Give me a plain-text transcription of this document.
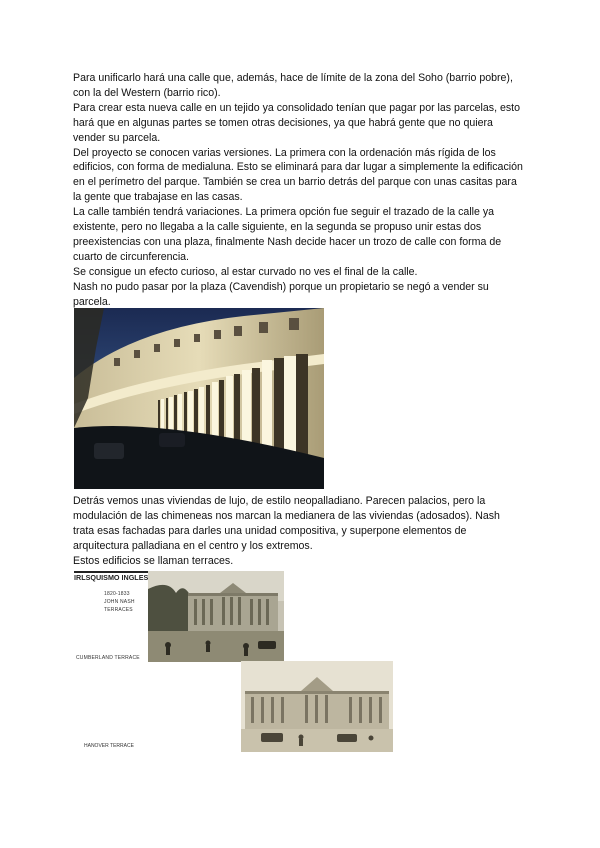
Para unificarlo hará una calle que, además, hace de límite de la zona del Soho (barrio pobre), con la del Western (barrio rico).

Para crear esta nueva calle en un tejido ya consolidado tenían que pagar por las parcelas, esto hará que en algunas partes se tomen otras decisiones, ya que habrá gente que no quiera vender su parcela.

Del proyecto se conocen varias versiones. La primera con la ordenación más rígida de los edificios, con forma de medialuna. Esto se eliminará para dar lugar a simplemente la edificación en el perímetro del parque. También se crea un barrio detrás del parque con unas casitas para la gente que trabajase en las casas.

La calle también tendrá variaciones. La primera opción fue seguir el trazado de la calle ya existente, pero no llegaba a la calle siguiente, en la segunda se propuso unir estas dos preexistencias con una plaza, finalmente Nash decide hacer un trozo de calle con forma de cuarto de circunferencia.

Se consigue un efecto curioso, al estar curvado no ves el final de la calle.

Nash no pudo pasar por la plaza (Cavendish) porque un propietario se negó a vender su parcela.

Detrás vemos unas viviendas de lujo, de estilo neopalladiano. Parecen palacios, pero la modulación de las chimeneas nos marcan la medianera de las viviendas (adosados). Nash trata esas fachadas para darles una unidad compositiva, y superpone elementos de arquitectura palladiana en el centro y los extremos.

Estos edificios se llaman terraces.

IRLSQUISMO INGLES
1820-1833
JOHN NASH
TERRACES
CUMBERLAND TERRACE
HANOVER TERRACE
